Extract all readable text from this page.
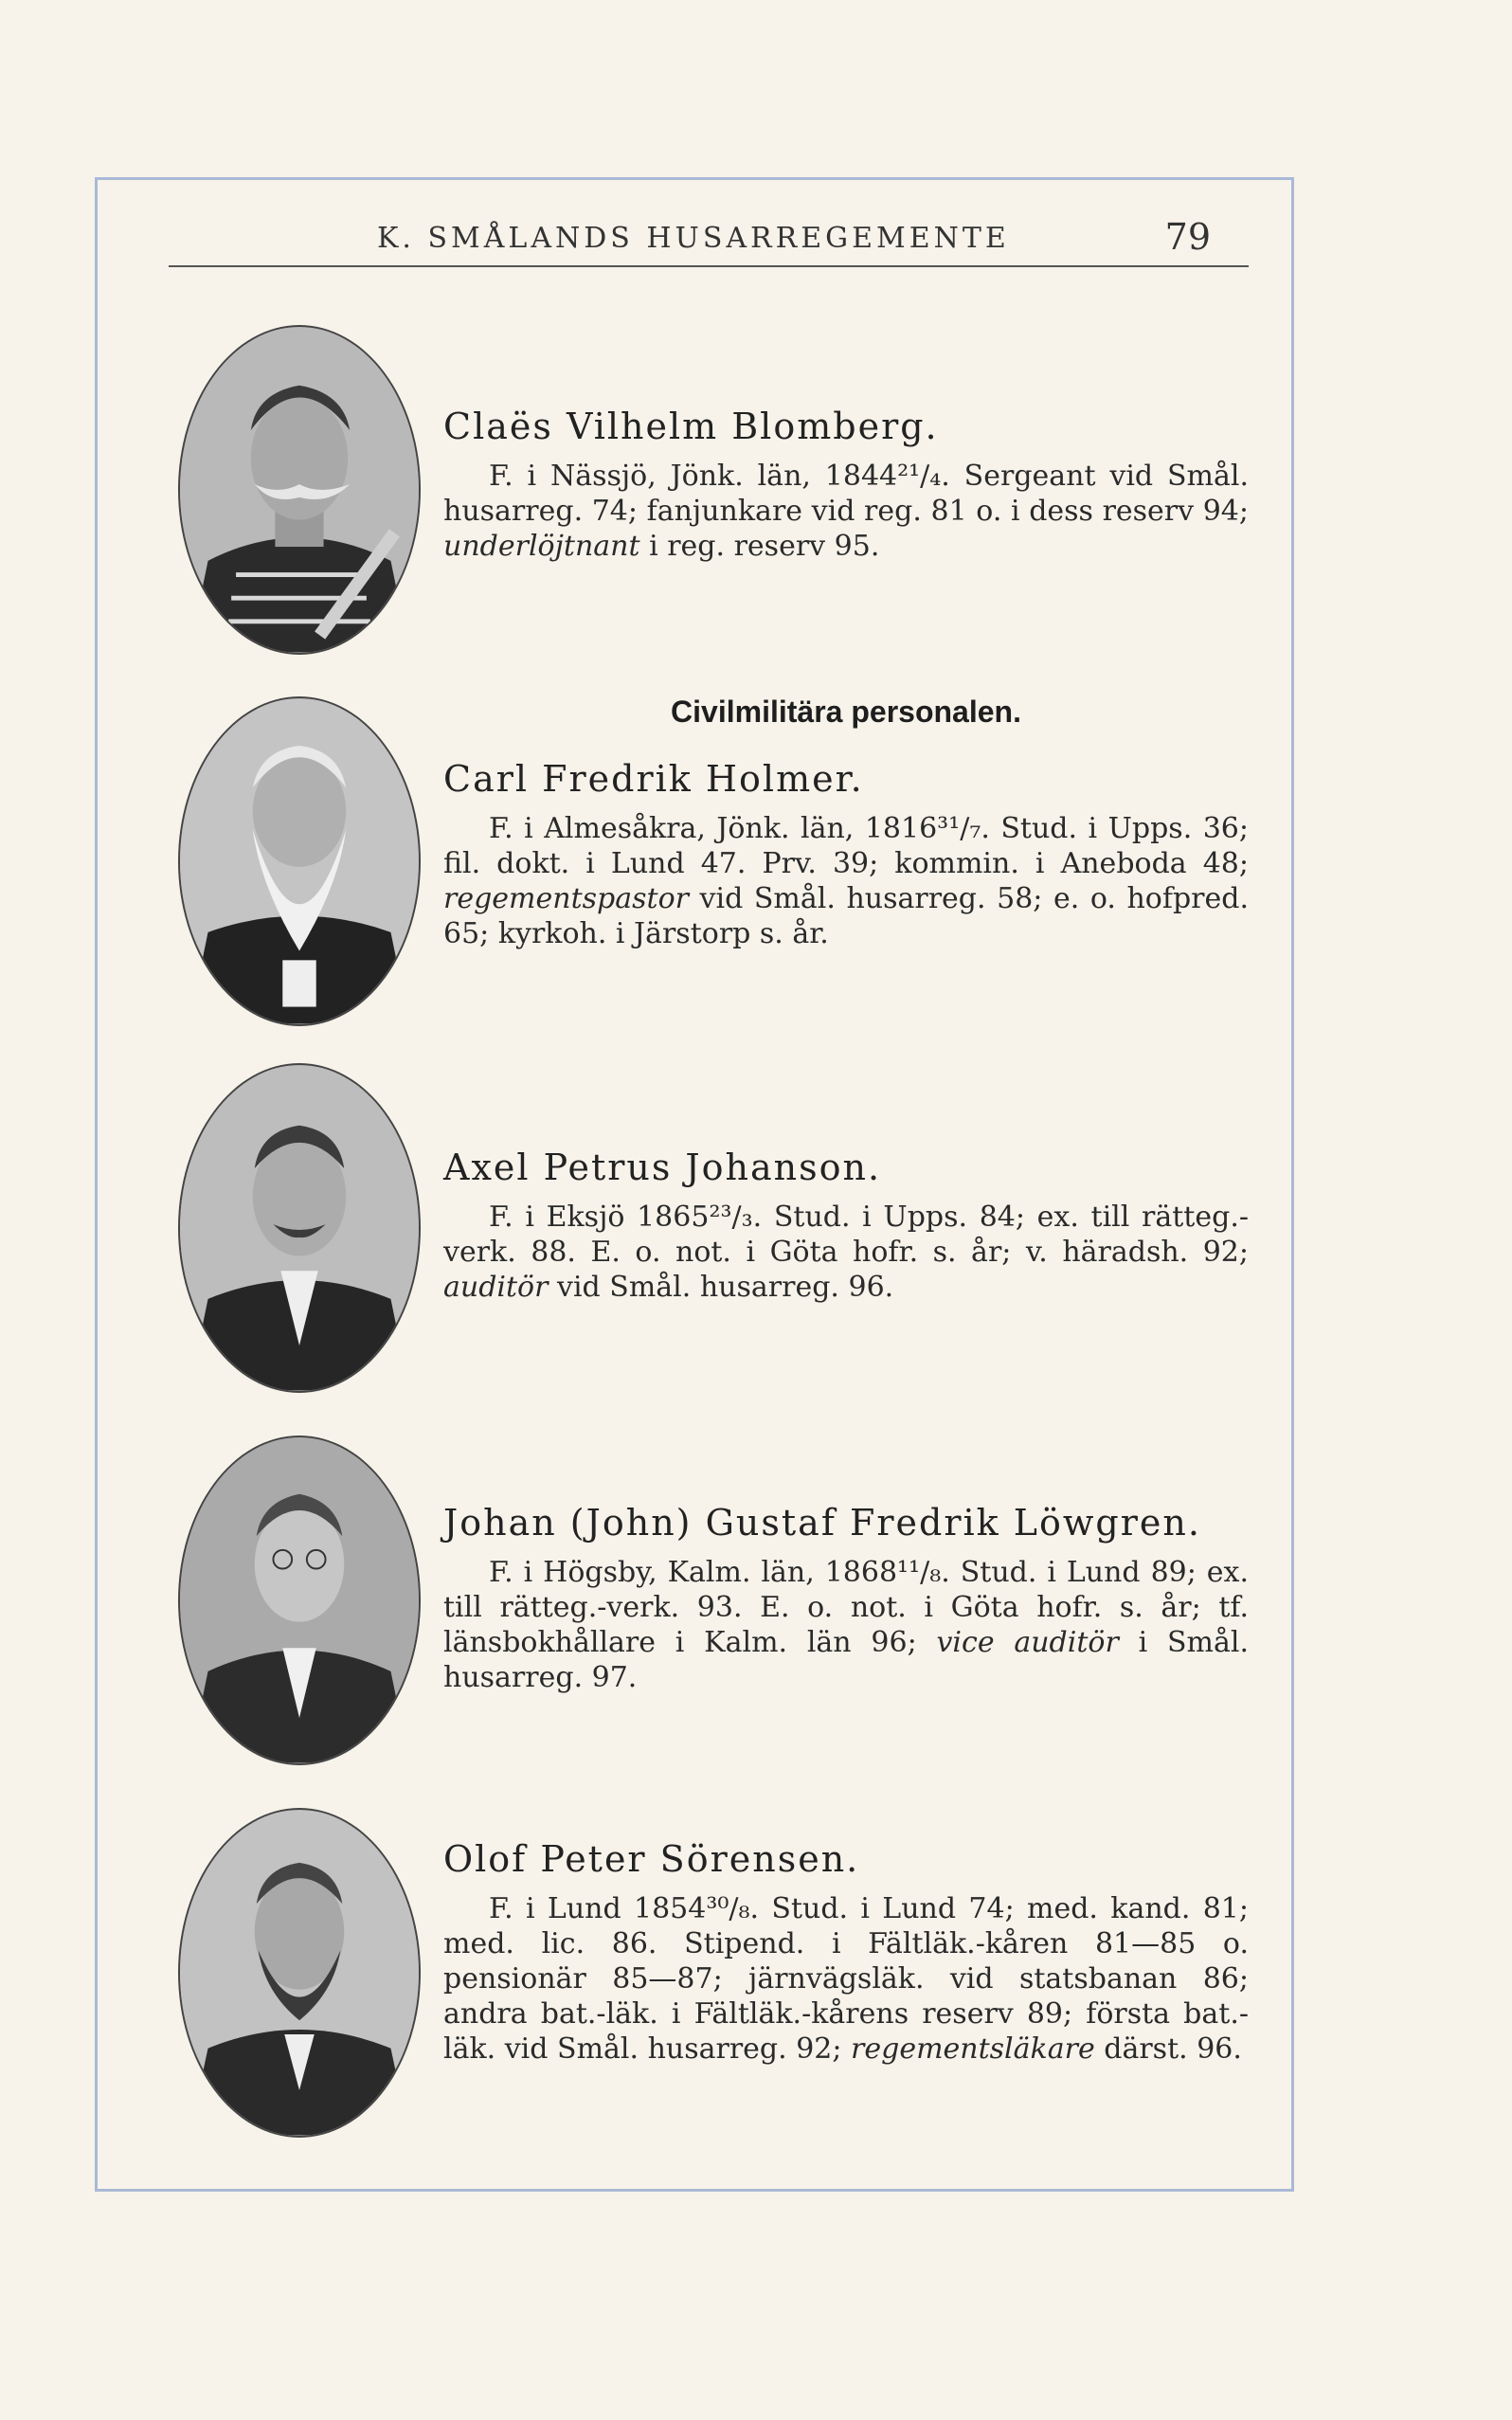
K. SMÅLANDS HUSARREGEMENTE	79
Claës Vilhelm Blomberg.

F. i Nässjö, Jönk. län, 1844²¹/₄. Sergeant vid Smål. husarreg. 74; fanjunkare vid reg. 81 o. i dess reserv 94; underlöjtnant i reg. reserv 95.

Civilmilitära personalen.
Carl Fredrik Holmer.

F. i Almesåkra, Jönk. län, 1816³¹/₇. Stud. i Upps. 36; fil. dokt. i Lund 47. Prv. 39; kommin. i Aneboda 48; regementspastor vid Smål. husarreg. 58; e. o. hofpred. 65; kyrkoh. i Järstorp s. år.

Axel Petrus Johanson.

F. i Eksjö 1865²³/₃. Stud. i Upps. 84; ex. till rätteg.-verk. 88. E. o. not. i Göta hofr. s. år; v. häradsh. 92; auditör vid Smål. husarreg. 96.

Johan (John) Gustaf Fredrik Löwgren.

F. i Högsby, Kalm. län, 1868¹¹/₈. Stud. i Lund 89; ex. till rätteg.-verk. 93. E. o. not. i Göta hofr. s. år; tf. länsbokhållare i Kalm. län 96; vice auditör i Smål. husarreg. 97.

Olof Peter Sörensen.

F. i Lund 1854³⁰/₈. Stud. i Lund 74; med. kand. 81; med. lic. 86. Stipend. i Fältläk.-kåren 81—85 o. pensionär 85—87; järnvägsläk. vid statsbanan 86; andra bat.-läk. i Fältläk.-kårens reserv 89; första bat.-läk. vid Smål. husarreg. 92; regementsläkare därst. 96.
